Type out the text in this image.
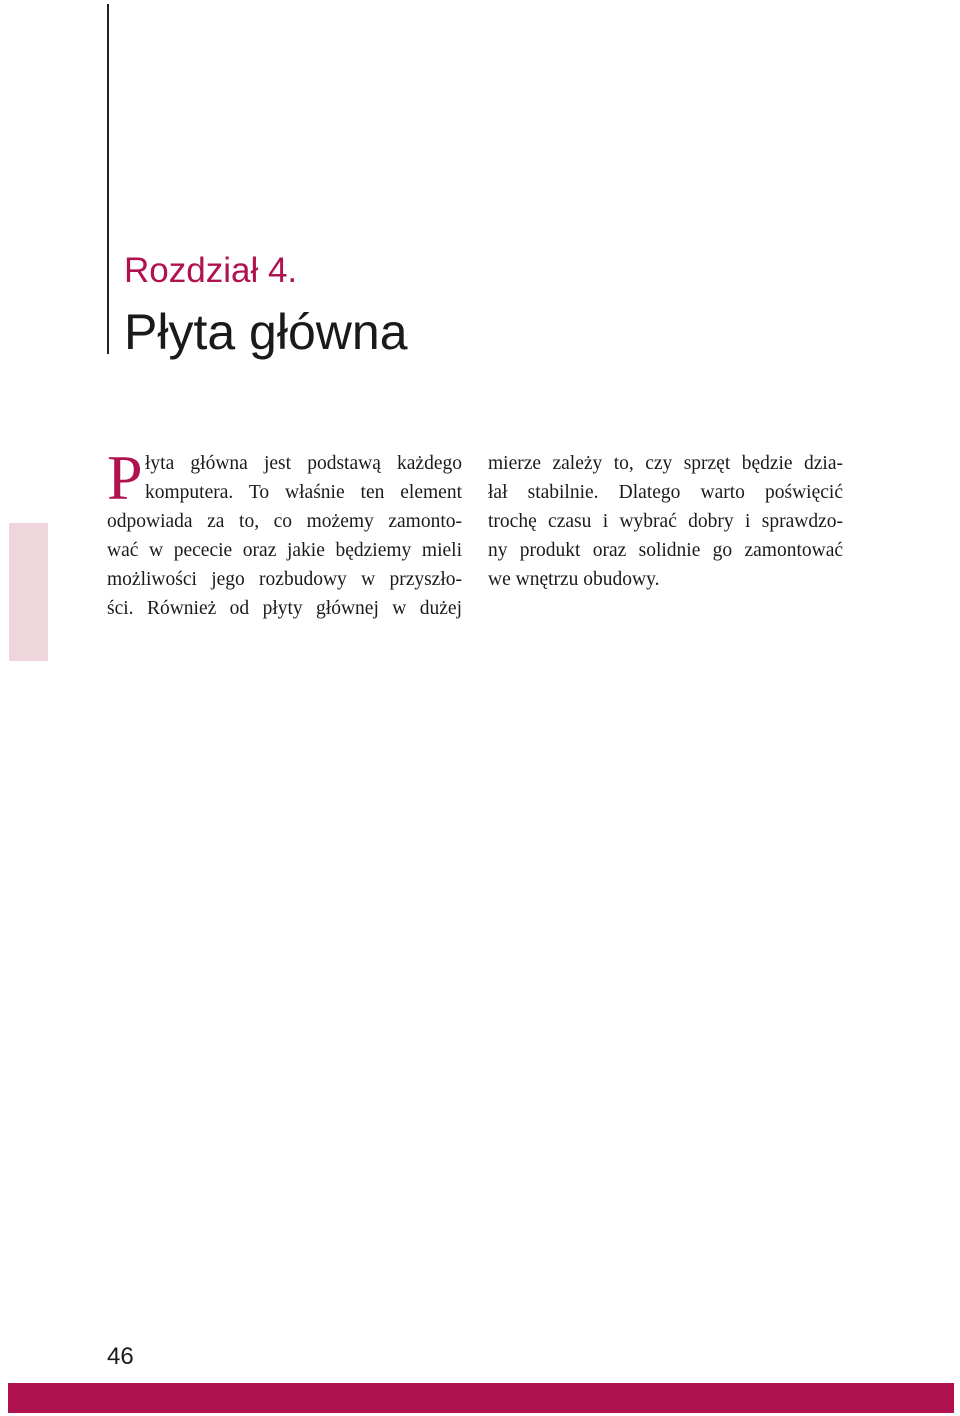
Rozdział 4.
Płyta główna
P łyta główna jest podstawą każdego
komputera. To właśnie ten element
odpowiada za to, co możemy zamonto-
wać w pececie oraz jakie będziemy mieli
możliwości jego rozbudowy w przyszło-
ści. Również od płyty głównej w dużej
mierze zależy to, czy sprzęt będzie dzia-
łał stabilnie. Dlatego warto poświęcić
trochę czasu i wybrać dobry i sprawdzo-
ny produkt oraz solidnie go zamontować
we wnętrzu obudowy.

46
